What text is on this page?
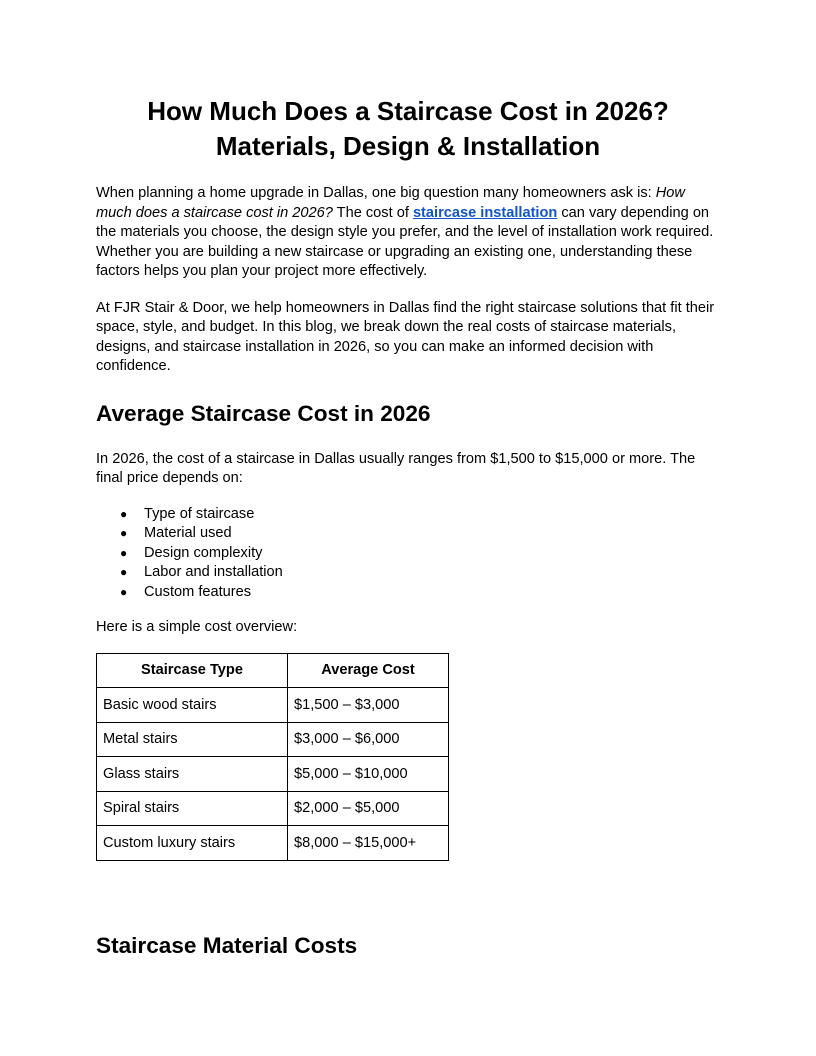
How Much Does a Staircase Cost in 2026?
Materials, Design & Installation

When planning a home upgrade in Dallas, one big question many homeowners ask is: How much does a staircase cost in 2026? The cost of staircase installation can vary depending on the materials you choose, the design style you prefer, and the level of installation work required. Whether you are building a new staircase or upgrading an existing one, understanding these factors helps you plan your project more effectively.

At FJR Stair & Door, we help homeowners in Dallas find the right staircase solutions that fit their space, style, and budget. In this blog, we break down the real costs of staircase materials, designs, and staircase installation in 2026, so you can make an informed decision with confidence.

Average Staircase Cost in 2026

In 2026, the cost of a staircase in Dallas usually ranges from $1,500 to $15,000 or more. The final price depends on:

● Type of staircase
● Material used
● Design complexity
● Labor and installation
● Custom features

Here is a simple cost overview:

Staircase Type	Average Cost
Basic wood stairs	$1,500 – $3,000
Metal stairs	$3,000 – $6,000
Glass stairs	$5,000 – $10,000
Spiral stairs	$2,000 – $5,000
Custom luxury stairs	$8,000 – $15,000+
Staircase Material Costs
